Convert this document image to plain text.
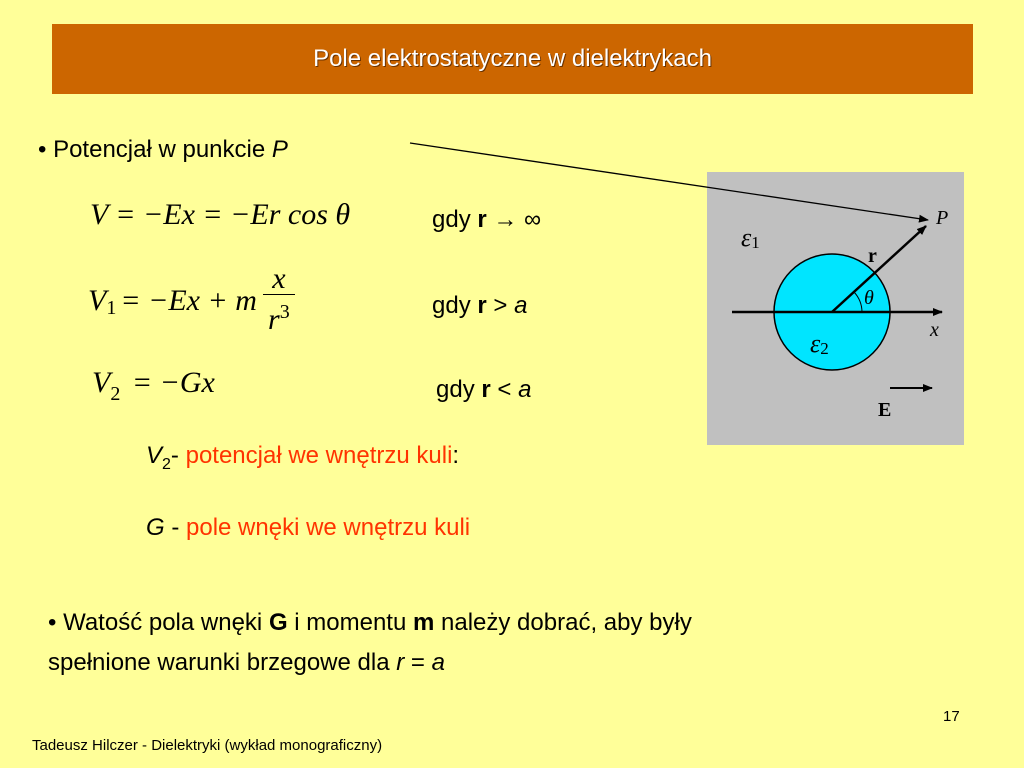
Pole elektrostatyczne w dielektrykach
• Potencjał w punkcie P
V = −Ex = −Er cos θ
V 1 = −Ex + m $\frac{x}{r^3}$
$V_2 = -Gx$
gdy r → ∞
gdy r > a
gdy r < a
$V_2-$ potencjał we wnętrzu kuli:
G - pole wnęki we wnętrzu kuli
• Watość pola wnęki G i momentu m należy dobrać, aby były
spełnione warunki brzegowe dla r = a
P
r
θ
x
E
ε1
ε2
Tadeusz Hilczer - Dielektryki (wykład monograficzny)
17
